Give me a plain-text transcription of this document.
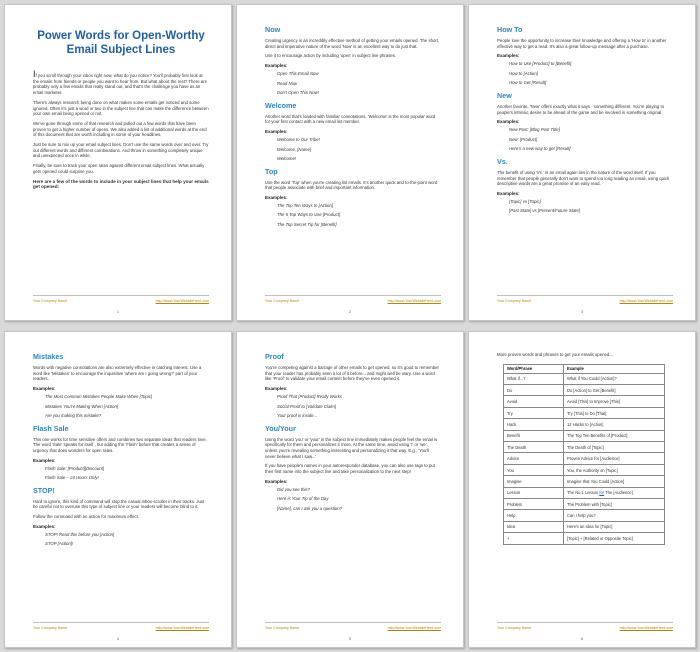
Power Words for Open-Worthy
Email Subject Lines
If you scroll through your inbox right now, what do you notice? You'll probably first look at the emails from friends or people you want to hear from. But what about the rest? There are probably only a few emails that really stand out, and that's the challenge you have as an email marketer.
There's always research being done on what makes some emails get noticed and some ignored. Often it's just a word or two in the subject line that can make the difference between your own email being opened or not.
We've gone through some of that research and pulled out a few words that have been proven to get a higher number of opens. We also added a list of additional words at the end of this document that are worth including in some of your headlines.
Just be sure to mix up your email subject lines. Don't use the same words over and over. Try out different words and different combinations. And throw in something completely unique and unexpected once in while.
Finally, be sure to track your open rates against different email subject lines. What actually gets opened could surprise you.
Here are a few of the words to include in your subject lines that help your emails get opened:
Your Company Name	http://www.YourWebsiteHere.com
1
Now
Creating urgency is an incredibly effective method of getting your emails opened. The short, direct and imperative nature of the word 'Now' is an excellent way to do just that.
Use it to encourage action by including 'open' in subject line phrases.
Examples:
Open This Email Now
Read Now
Don't Open This Now!
Welcome
Another word that's loaded with familiar connotations, 'Welcome' is the most popular word for your first contact with a new email list member.
Examples:
Welcome to Our Tribe!
Welcome, [Name]
Welcome!
Top
Use the word 'Top' when you're creating list emails. It's another quick and to-the-point word that people associate with brief and important information.
Examples:
The Top Ten Ways to [Action]
The 5 Top Ways to Use [Product]
The Top Secret Tip for [Benefit]
Your Company Name	http://www.YourWebsiteHere.com
2
How To
People love the opportunity to increase their knowledge and offering a 'How to' in another effective way to get a read. It's also a great follow-up message after a purchase.
Examples:
How to Use [Product] to [Benefit]
How to [Action]
How to Get [Result]
New
Another favorite, 'New' offers exactly what it says - something different. You're playing to people's intrinsic desire to be ahead of the game and be involved in something original.
Examples:
New Post: [Blog Post Title]
New: [Product]
Here's a new way to get [Result]
Vs.
The benefit of using 'Vs.' in an email again lies in the nature of the word itself. If you remember that people generally don't want to spend too long reading an email, using quick descriptive words are a great promise of an easy read.
Examples:
[Topic] vs [Topic]
[Past State] vs [Present/Future State]
Your Company Name	http://www.YourWebsiteHere.com
3
Mistakes
Words with negative connotations are also extremely effective in catching interest. Use a word like 'Mistakes' to encourage the inquisitive 'where am I going wrong?' part of your readers.
Examples:
The Most Common Mistakes People Make When [Topic]
Mistakes You're Making When [Action]
Are you making this mistake?
Flash Sale
This one works for time sensitive offers and combines two separate ideas that readers love. The word 'Sale' speaks for itself , but adding the 'Flash' before that creates a sense of urgency that does wonders for open rates.
Examples:
Flash Sale: [Product][Discount]
Flash Sale – 24 Hours Only!
STOP!
Hard to ignore, this kind of command will stop the casual inbox-scroller in their tracks. Just be careful not to overuse this type of subject line or your readers will become blind to it.
Follow the command with an action for maximum effect.
Examples:
STOP! Read this before you [Action]
STOP [Action]!
Your Company Name	http://www.YourWebsiteHere.com
4
Proof
You're competing against a barrage of other emails to get opened, so it's good to remember that your reader has probably seen a lot of it before... and might well be wary. Use a word like 'Proof' to validate your email content before they've even opened it.
Examples:
Proof That [Product] Really Works
Social Proof to [Validate Claim]
Your proof is inside...
You/Your
Using the word 'you' or 'your' in the subject line immediately makes people feel the email is specifically for them and personalizes it more. At the same time, avoid using 'I' or 'we', unless you're revealing something interesting and personalizing it that way. E.g., 'You'll never believe what I saw...'
If you have people's names in your autoresponder database, you can also use tags to put their first name into the subject line and take personalization to the next step!
Examples:
Did you see this?
Here is Your Tip of the Day
[Name], can I ask you a question?
Your Company Name	http://www.YourWebsiteHere.com
5
More proven words and phrases to get your emails opened...
Word/Phrase	Example
What if...?	What if You Could [Action]?
Do	Do [Action] to Get [Benefit]
Avoid	Avoid [This] to Improve [This]
Try	Try [This] to Do [That]
Hack	12 Hacks to [Action]
Benefit	The Top Ten Benefits of [Product]
The Death	The Death of [Topic]
Advice	Proven Advice for [Audience]
You	You, the Authority on [Topic]
Imagine	Imagine that You Could [Action]
Lesson	The No.1 Lesson for The [Audience]
Problem	The Problem with [Topic]
Help	Can I help you?
Idea	Here's an Idea for [Topic]
+	[Topic] + [Related or Opposite Topic]
Your Company Name	http://www.YourWebsiteHere.com
6
